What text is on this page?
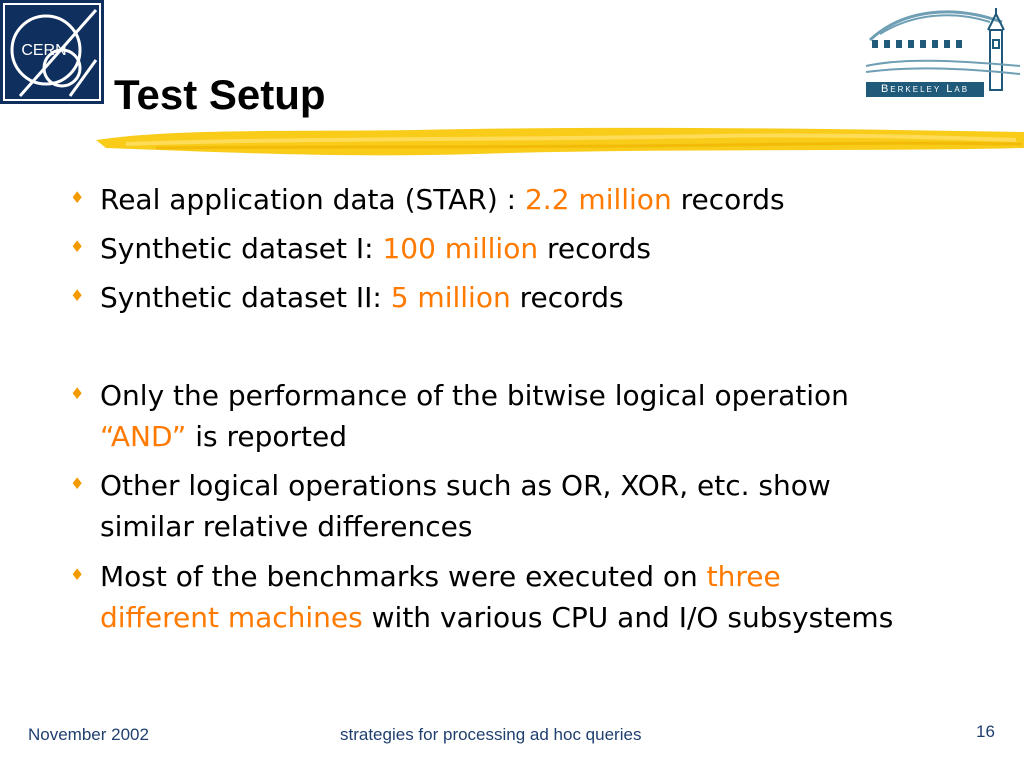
CERN
Test Setup	Berkeley Lab
♦ Real application data (STAR) : 2.2 million records
♦ Synthetic dataset I: 100 million records
♦ Synthetic dataset II: 5 million records
♦ Only the performance of the bitwise logical operation
“AND” is reported
♦ Other logical operations such as OR, XOR, etc. show
similar relative differences
♦ Most of the benchmarks were executed on three
different machines with various CPU and I/O subsystems
November 2002	strategies for processing ad hoc queries	16
